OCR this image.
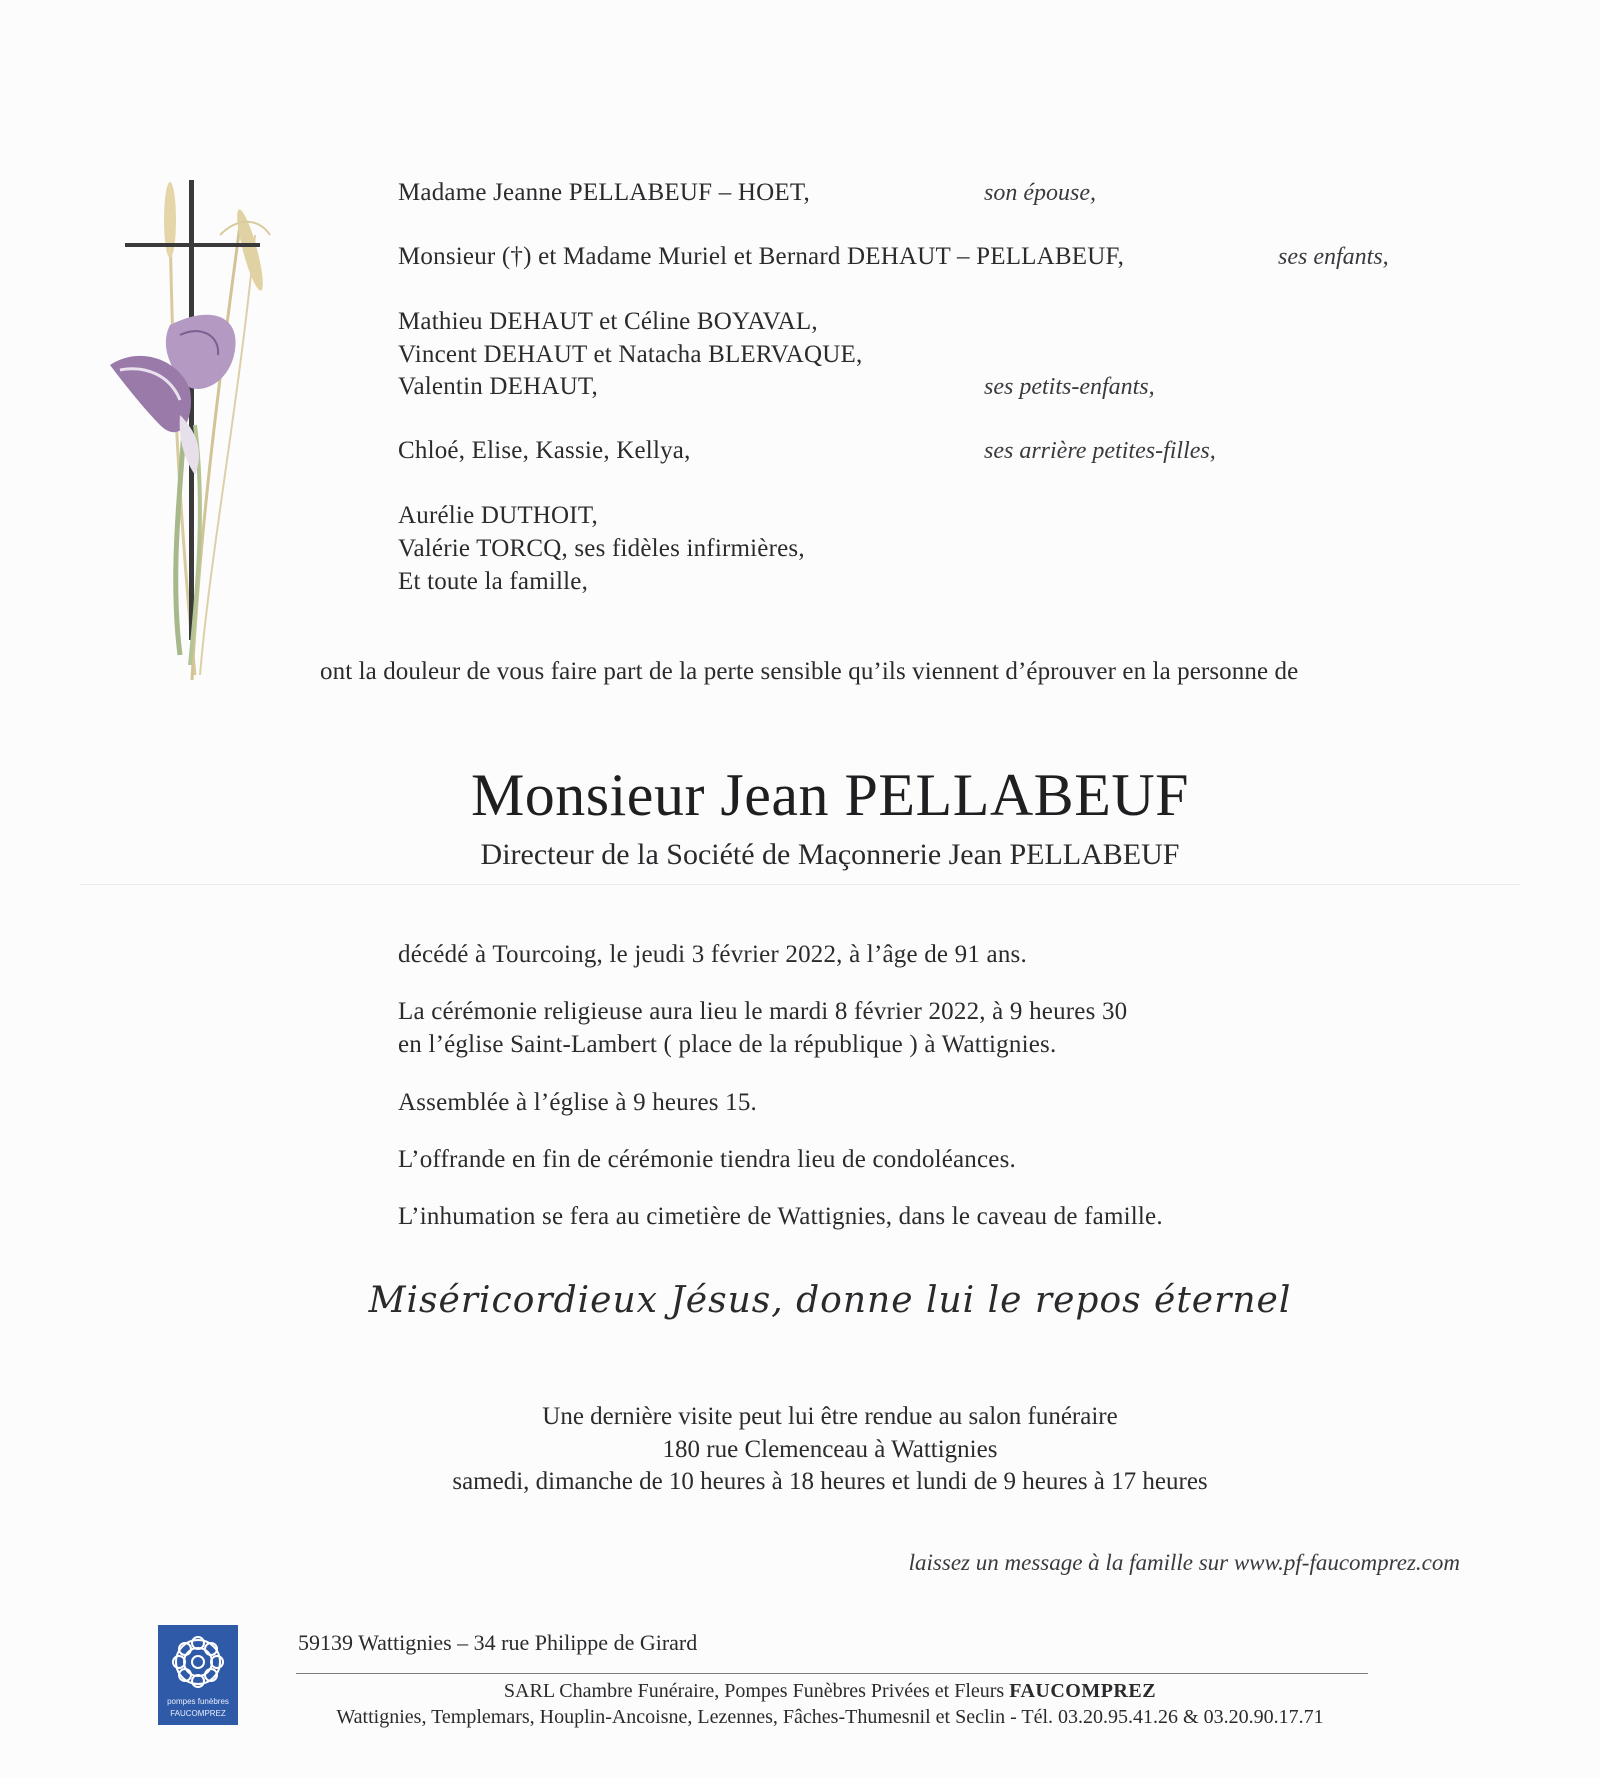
Madame Jeanne PELLABEUF – HOET,	son épouse,
Monsieur (†) et Madame Muriel et Bernard DEHAUT – PELLABEUF,	ses enfants,
Mathieu DEHAUT et Céline BOYAVAL,
Vincent DEHAUT et Natacha BLERVAQUE,
Valentin DEHAUT,	ses petits-enfants,
Chloé, Elise, Kassie, Kellya,	ses arrière petites-filles,
Aurélie DUTHOIT,
Valérie TORCQ, ses fidèles infirmières,
Et toute la famille,
ont la douleur de vous faire part de la perte sensible qu’ils viennent d’éprouver en la personne de
Monsieur Jean PELLABEUF
Directeur de la Société de Maçonnerie Jean PELLABEUF
décédé à Tourcoing, le jeudi 3 février 2022, à l’âge de 91 ans.
La cérémonie religieuse aura lieu le mardi 8 février 2022, à 9 heures 30
en l’église Saint-Lambert ( place de la république ) à Wattignies.
Assemblée à l’église à 9 heures 15.
L’offrande en fin de cérémonie tiendra lieu de condoléances.
L’inhumation se fera au cimetière de Wattignies, dans le caveau de famille.
Miséricordieux Jésus, donne lui le repos éternel
Une dernière visite peut lui être rendue au salon funéraire
180 rue Clemenceau à Wattignies
samedi, dimanche de 10 heures à 18 heures et lundi de 9 heures à 17 heures
laissez un message à la famille sur www.pf-faucomprez.com
pompes funèbres
FAUCOMPREZ
59139 Wattignies – 34 rue Philippe de Girard
SARL Chambre Funéraire, Pompes Funèbres Privées et Fleurs FAUCOMPREZ
Wattignies, Templemars, Houplin-Ancoisne, Lezennes, Fâches-Thumesnil et Seclin - Tél. 03.20.95.41.26 & 03.20.90.17.71
